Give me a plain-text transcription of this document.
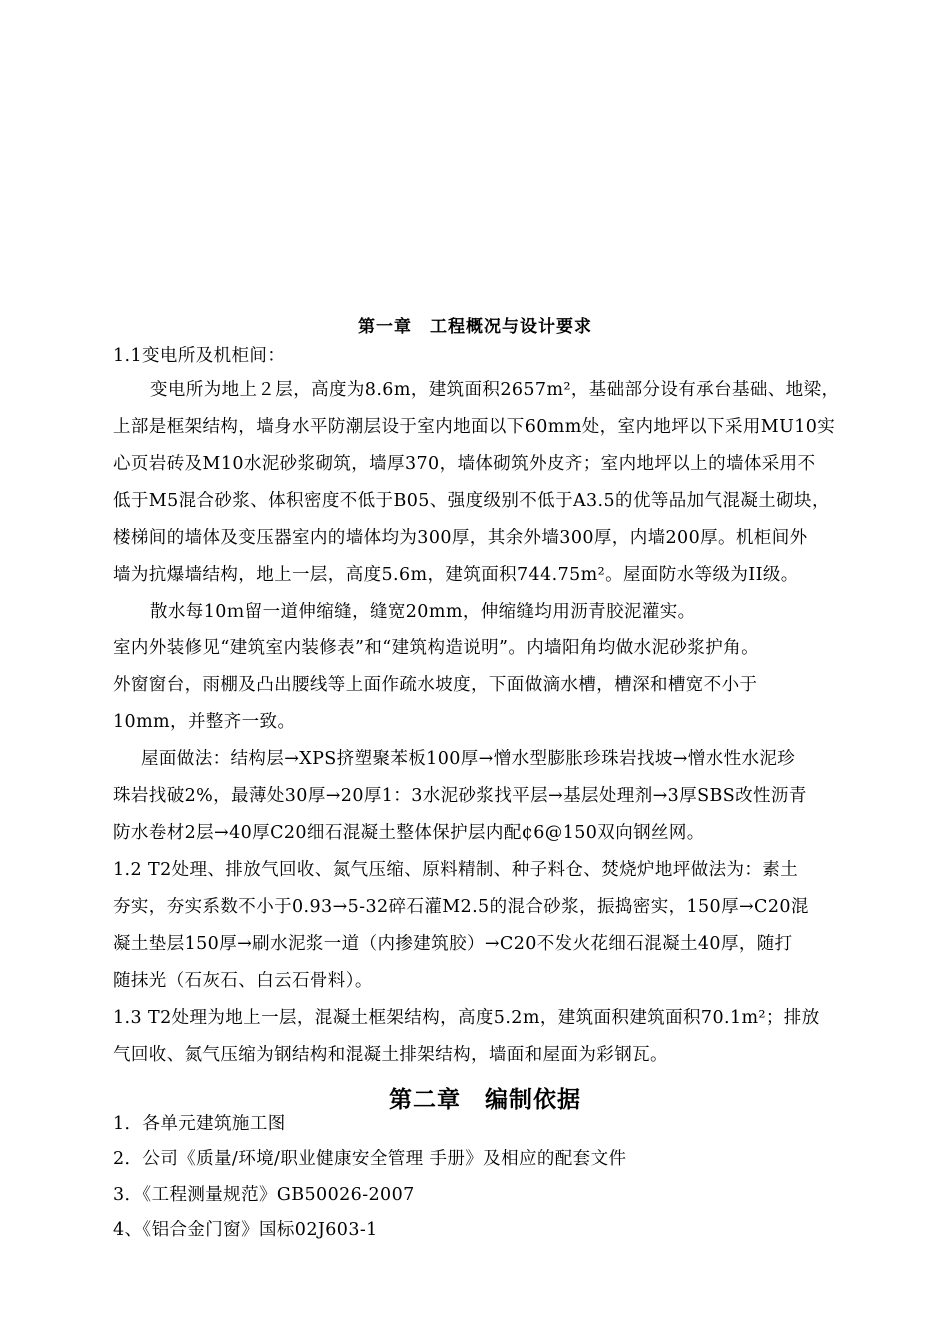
第一章　工程概况与设计要求
1.1变电所及机柜间：
变电所为地上２层，高度为8.6m，建筑面积2657m²，基础部分设有承台基础、地梁，
上部是框架结构，墙身水平防潮层设于室内地面以下60mm处，室内地坪以下采用MU10实
心页岩砖及M10水泥砂浆砌筑，墙厚370，墙体砌筑外皮齐；室内地坪以上的墙体采用不
低于M5混合砂浆、体积密度不低于B05、强度级别不低于A3.5的优等品加气混凝土砌块，
楼梯间的墙体及变压器室内的墙体均为300厚，其余外墙300厚，内墙200厚。机柜间外
墙为抗爆墙结构，地上一层，高度5.6m，建筑面积744.75m²。屋面防水等级为II级。
散水每10ｍ留一道伸缩缝，缝宽20mm，伸缩缝均用沥青胶泥灌实。
室内外装修见“建筑室内装修表”和“建筑构造说明”。内墙阳角均做水泥砂浆护角。
外窗窗台，雨棚及凸出腰线等上面作疏水坡度，下面做滴水槽，槽深和槽宽不小于
10mm，并整齐一致。
屋面做法：结构层→XPS挤塑聚苯板100厚→憎水型膨胀珍珠岩找坡→憎水性水泥珍
珠岩找破2%，最薄处30厚→20厚1：3水泥砂浆找平层→基层处理剂→3厚SBS改性沥青
防水卷材2层→40厚C20细石混凝土整体保护层内配¢6@150双向钢丝网。
1.2 T2处理、排放气回收、氮气压缩、原料精制、种子料仓、焚烧炉地坪做法为：素土
夯实，夯实系数不小于0.93→5-32碎石灌M2.5的混合砂浆，振捣密实，150厚→C20混
凝土垫层150厚→刷水泥浆一道（内掺建筑胶）→C20不发火花细石混凝土40厚，随打
随抹光（石灰石、白云石骨料）。
1.3 T2处理为地上一层，混凝土框架结构，高度5.2m，建筑面积建筑面积70.1m²；排放
气回收、氮气压缩为钢结构和混凝土排架结构，墙面和屋面为彩钢瓦。
第二章　编制依据
1．各单元建筑施工图
2．公司《质量/环境/职业健康安全管理 手册》及相应的配套文件
3．《工程测量规范》GB50026-2007
4、《铝合金门窗》国标02J603-1
